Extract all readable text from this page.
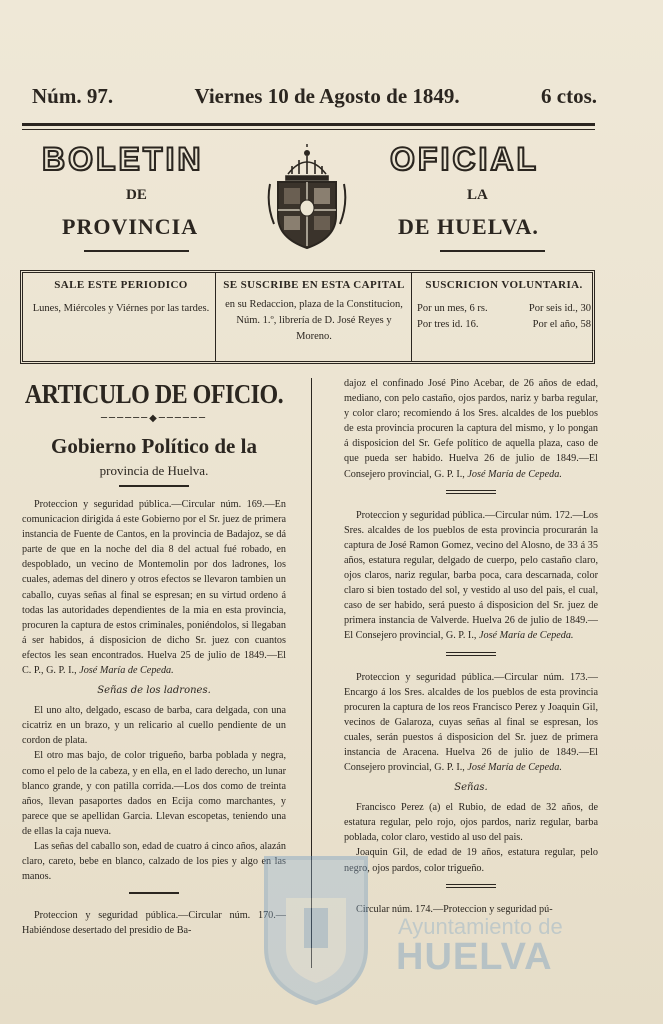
Núm. 97.	Viernes 10 de Agosto de 1849.	6 ctos.
BOLETIN	OFICIAL
DE	LA
PROVINCIA	DE HUELVA.
SALE ESTE PERIODICO
Lunes, Miércoles y Viérnes por las tardes.
SE SUSCRIBE EN ESTA CAPITAL
en su Redaccion, plaza de la Constitucion, Núm. 1.º, librería de D. José Reyes y Moreno.
SUSCRICION VOLUNTARIA.
Por un mes, 6 rs.	Por seis id., 30
Por tres id. 16.	Por el año, 58
ARTICULO DE OFICIO.
──────◆──────
Gobierno Político de la
provincia de Huelva.

Proteccion y seguridad pública.—Circular núm. 169.—En comunicacion dirigida á este Gobierno por el Sr. juez de primera instancia de Fuente de Cantos, en la provincia de Badajoz, se dá parte de que en la noche del dia 8 del actual fué robado, en despoblado, un vecino de Montemolin por dos ladrones, los cuales, ademas del dinero y otros efectos se llevaron tambien un caballo, cuyas señas al final se espresan; en su virtud ordeno á todas las autoridades dependientes de la mia en esta provincia, procuren la captura de estos criminales, poniéndolos, si llegaban á ser habidos, á disposicion de dicho Sr. juez con cuantos efectos les sean encontrados. Huelva 25 de julio de 1849.—El C. P., G. P. I., José María de Cepeda.

Señas de los ladrones.

El uno alto, delgado, escaso de barba, cara delgada, con una cicatriz en un brazo, y un relicario al cuello pendiente de un cordon de plata.

El otro mas bajo, de color trigueño, barba poblada y negra, como el pelo de la cabeza, y en ella, en el lado derecho, un lunar blanco grande, y con patilla corrida.—Los dos como de treinta años, llevan pasaportes dados en Ecija como marchantes, y parece que se apellidan Garcia. Llevan escopetas, teniendo una de ellas la caja nueva.

Las señas del caballo son, edad de cuatro á cinco años, alazán claro, careto, bebe en blanco, calzado de los pies y algo en las manos.

Proteccion y seguridad pública.—Circular núm. 170.—Habiéndose desertado del presidio de Ba-

dajoz el confinado José Pino Acebar, de 26 años de edad, mediano, con pelo castaño, ojos pardos, nariz y barba regular, y color claro; recomiendo á los Sres. alcaldes de los pueblos de esta provincia procuren la captura del mismo, y lo pongan á disposicion del Sr. Gefe político de aquella plaza, caso de que pueda ser habido. Huelva 26 de julio de 1849.—El Consejero provincial, G. P. I., José María de Cepeda.

Proteccion y seguridad pública.—Circular núm. 172.—Los Sres. alcaldes de los pueblos de esta provincia procurarán la captura de José Ramon Gomez, vecino del Alosno, de 33 á 35 años, estatura regular, delgado de cuerpo, pelo castaño claro, ojos claros, nariz regular, barba poca, cara descarnada, color claro si bien tostado del sol, y vestido al uso del pais, el cual, caso de ser habido, será puesto á disposicion del Sr. juez de primera instancia de Valverde. Huelva 26 de julio de 1849.—El Consejero provincial, G. P. I., José María de Cepeda.

Proteccion y seguridad pública.—Circular núm. 173.—Encargo á los Sres. alcaldes de los pueblos de esta provincia procuren la captura de los reos Francisco Perez y Joaquin Gil, vecinos de Galaroza, cuyas señas al final se espresan, los cuales, serán puestos á disposicion del Sr. juez de primera instancia de Aracena. Huelva 26 de julio de 1849.—El Consejero provincial, G. P. I., José María de Cepeda.

Señas.

Francisco Perez (a) el Rubio, de edad de 32 años, de estatura regular, pelo rojo, ojos pardos, nariz regular, barba poblada, color claro, vestido al uso del pais.

Joaquin Gil, de edad de 19 años, estatura regular, pelo negro, ojos pardos, color trigueño.

Circular núm. 174.—Proteccion y seguridad pú-

Ayuntamiento de
HUELVA
